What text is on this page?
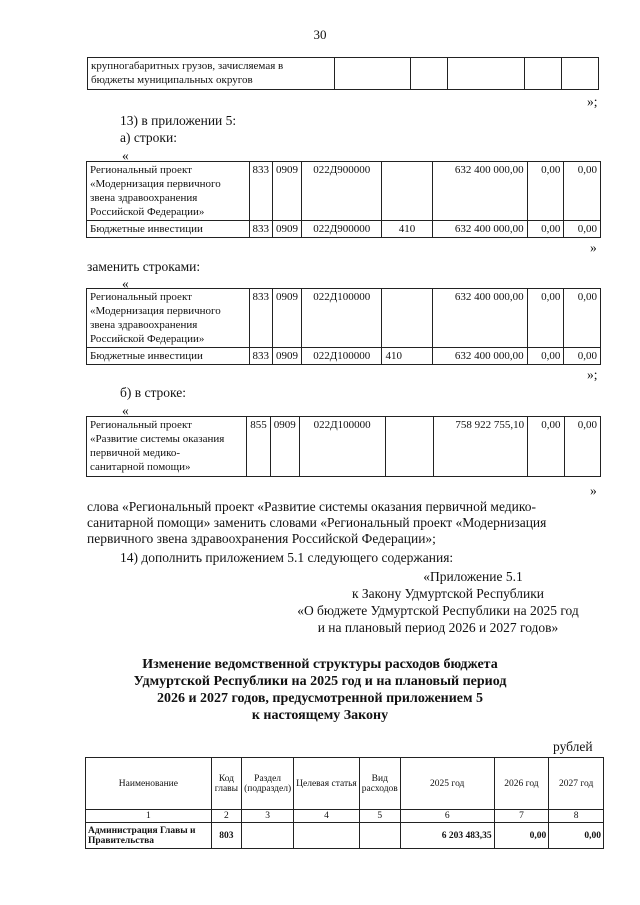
30
крупногабаритных грузов, зачисляемая в
бюджеты муниципальных округов					

»;

13) в приложении 5:

а) строки:

«

Региональный проект
«Модернизация первичного
звена здравоохранения
Российской Федерации»	833	0909	022Д900000		632 400 000,00	0,00	0,00
Бюджетные инвестиции	833	0909	022Д900000	410	632 400 000,00	0,00	0,00

»

заменить строками:

«

Региональный проект
«Модернизация первичного
звена здравоохранения
Российской Федерации»	833	0909	022Д100000		632 400 000,00	0,00	0,00
Бюджетные инвестиции	833	0909	022Д100000	410	632 400 000,00	0,00	0,00

»;

б) в строке:

«

Региональный проект
«Развитие системы оказания
первичной медико-
санитарной помощи»	855	0909	022Д100000		758 922 755,10	0,00	0,00

»

слова «Региональный проект «Развитие системы оказания первичной медико-
санитарной помощи» заменить словами «Региональный проект «Модернизация
первичного звена здравоохранения Российской Федерации»;

14) дополнить приложением 5.1 следующего содержания:

«Приложение 5.1
к Закону Удмуртской Республики
«О бюджете Удмуртской Республики на 2025 год
и на плановый период 2026 и 2027 годов»
Изменение ведомственной структуры расходов бюджета
Удмуртской Республики на 2025 год и на плановый период
2026 и 2027 годов, предусмотренной приложением 5
к настоящему Закону

рублей

Наименование	Код главы	Раздел (подраздел)	Целевая статья	Вид расходов	2025 год	2026 год	2027 год
1	2	3	4	5	6	7	8
Администрация Главы и Правительства	803				6 203 483,35	0,00	0,00
